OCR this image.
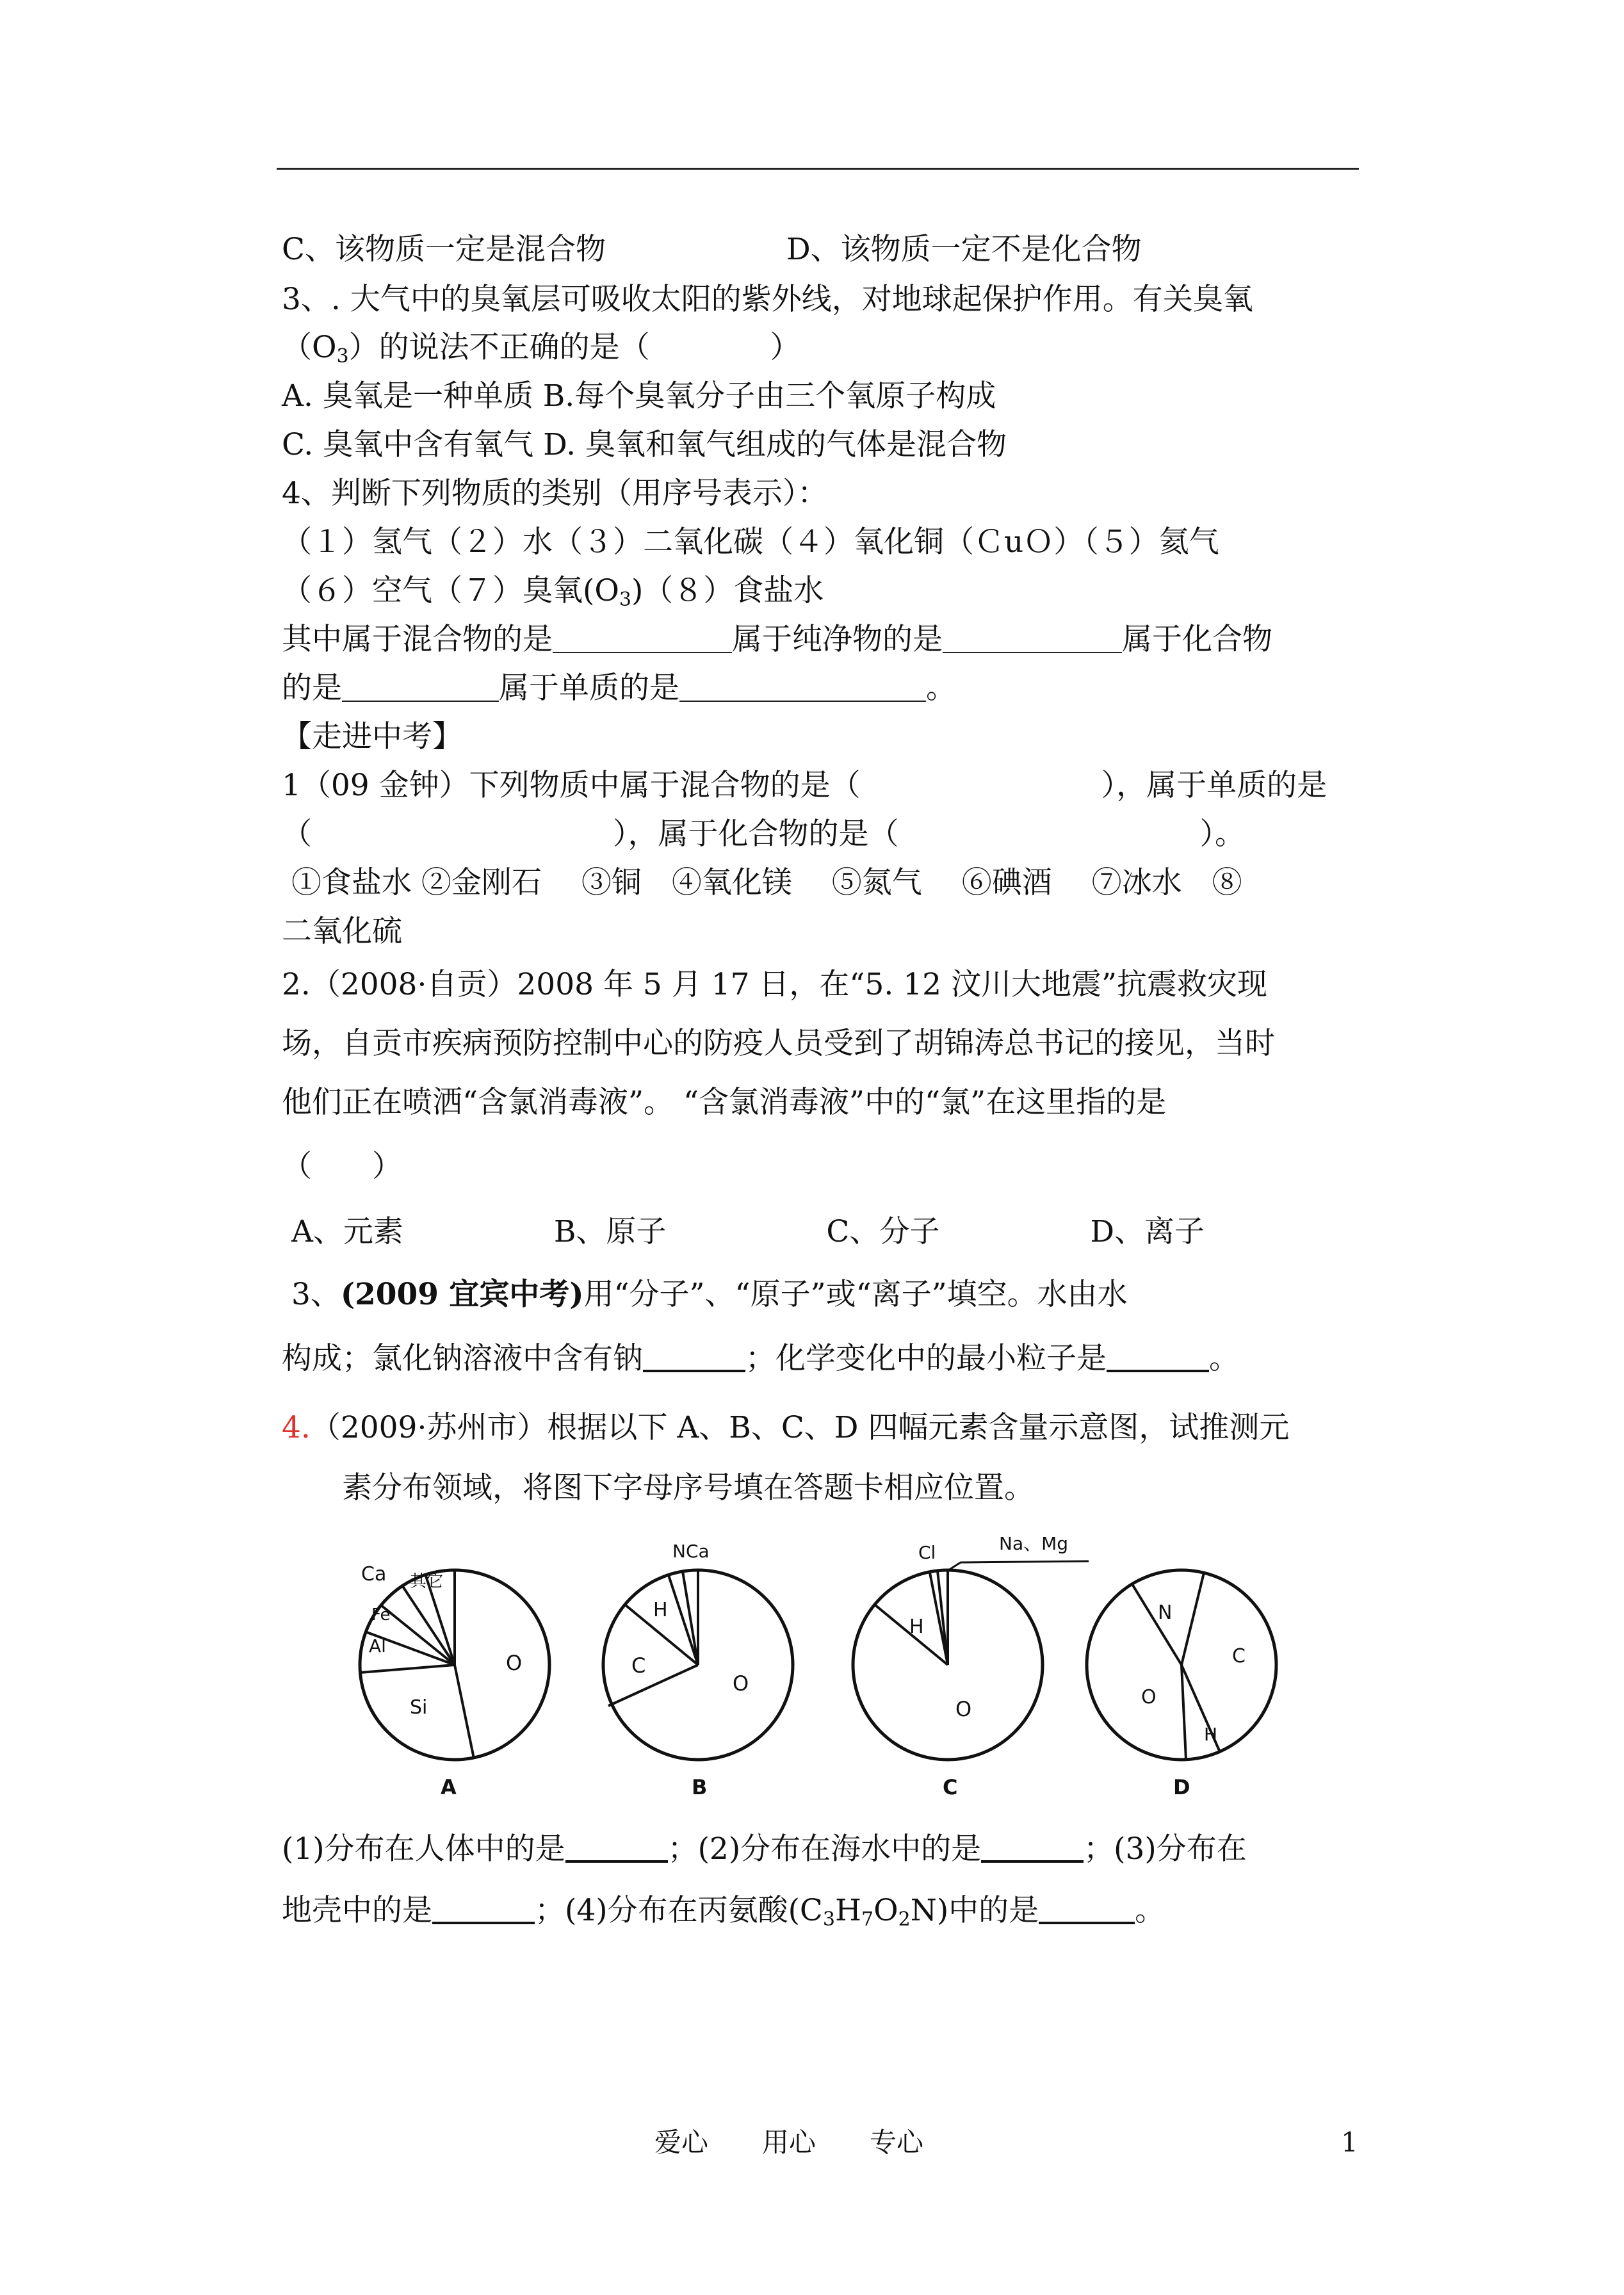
C、该物质一定是混合物　　　　　　	D、该物质一定不是化合物
3、. 大气中的臭氧层可吸收太阳的紫外线，对地球起保护作用。有关臭氧
$(O_3)$的说法不正确的是（　　　　）
A. 臭氧是一种单质 B.每个臭氧分子由三个氧原子构成
C. 臭氧中含有氧气 D. 臭氧和氧气组成的气体是混合物
4、判断下列物质的类别（用序号表示）：
（１）氢气（２）水（３）二氧化碳（４）氧化铜（ＣuＯ）（５）氦气
（６）空气（７）臭氧$(O_3)(8)$食盐水
其中属于混合物的是	属于纯净物的是	属于化合物
的是	属于单质的是	。
【走进中考】
1（09 金钟）下列物质中属于混合物的是（　　　　　　　　	），属于单质的是
（　　　　　　　　　　	），属于化合物的是（　　　　　　　　　　	）。
①食盐水 ②金刚石　 ③铜　④氧化镁　 ⑤氮气　 ⑥碘酒　 ⑦冰水　⑧
二氧化硫
2.（2008·自贡）2008 年 5 月 17 日，在“5. 12 汶川大地震”抗震救灾现
场，自贡市疾病预防控制中心的防疫人员受到了胡锦涛总书记的接见，当时
他们正在喷洒“含氯消毒液”。 “含氯消毒液”中的“氯”在这里指的是
（　　）
A、元素　　　　　B、原子　　　　　 C、分子　　　　　D、离子
3、(2009 宜宾中考)用“分子”、“原子”或“离子”填空。水由水
构成；氯化钠溶液中含有钠	；化学变化中的最小粒子是	。
4.（2009·苏州市）根据以下 A、B、C、D 四幅元素含量示意图，试推测元
　　素分布领域，将图下字母序号填在答题卡相应位置。
Ca 其它
Fe
Al
O
Si
A
NCa
H
C
O
B
Cl	Na、Mg
H
O
C
N
C
O
H
D
(1)分布在人体中的是	；(2)分布在海水中的是	；(3)分布在
地壳中的是	；(4)分布在丙氨酸$(C_3H_7O_2N)$中的是	。
爱心　　用心　　专心	1
